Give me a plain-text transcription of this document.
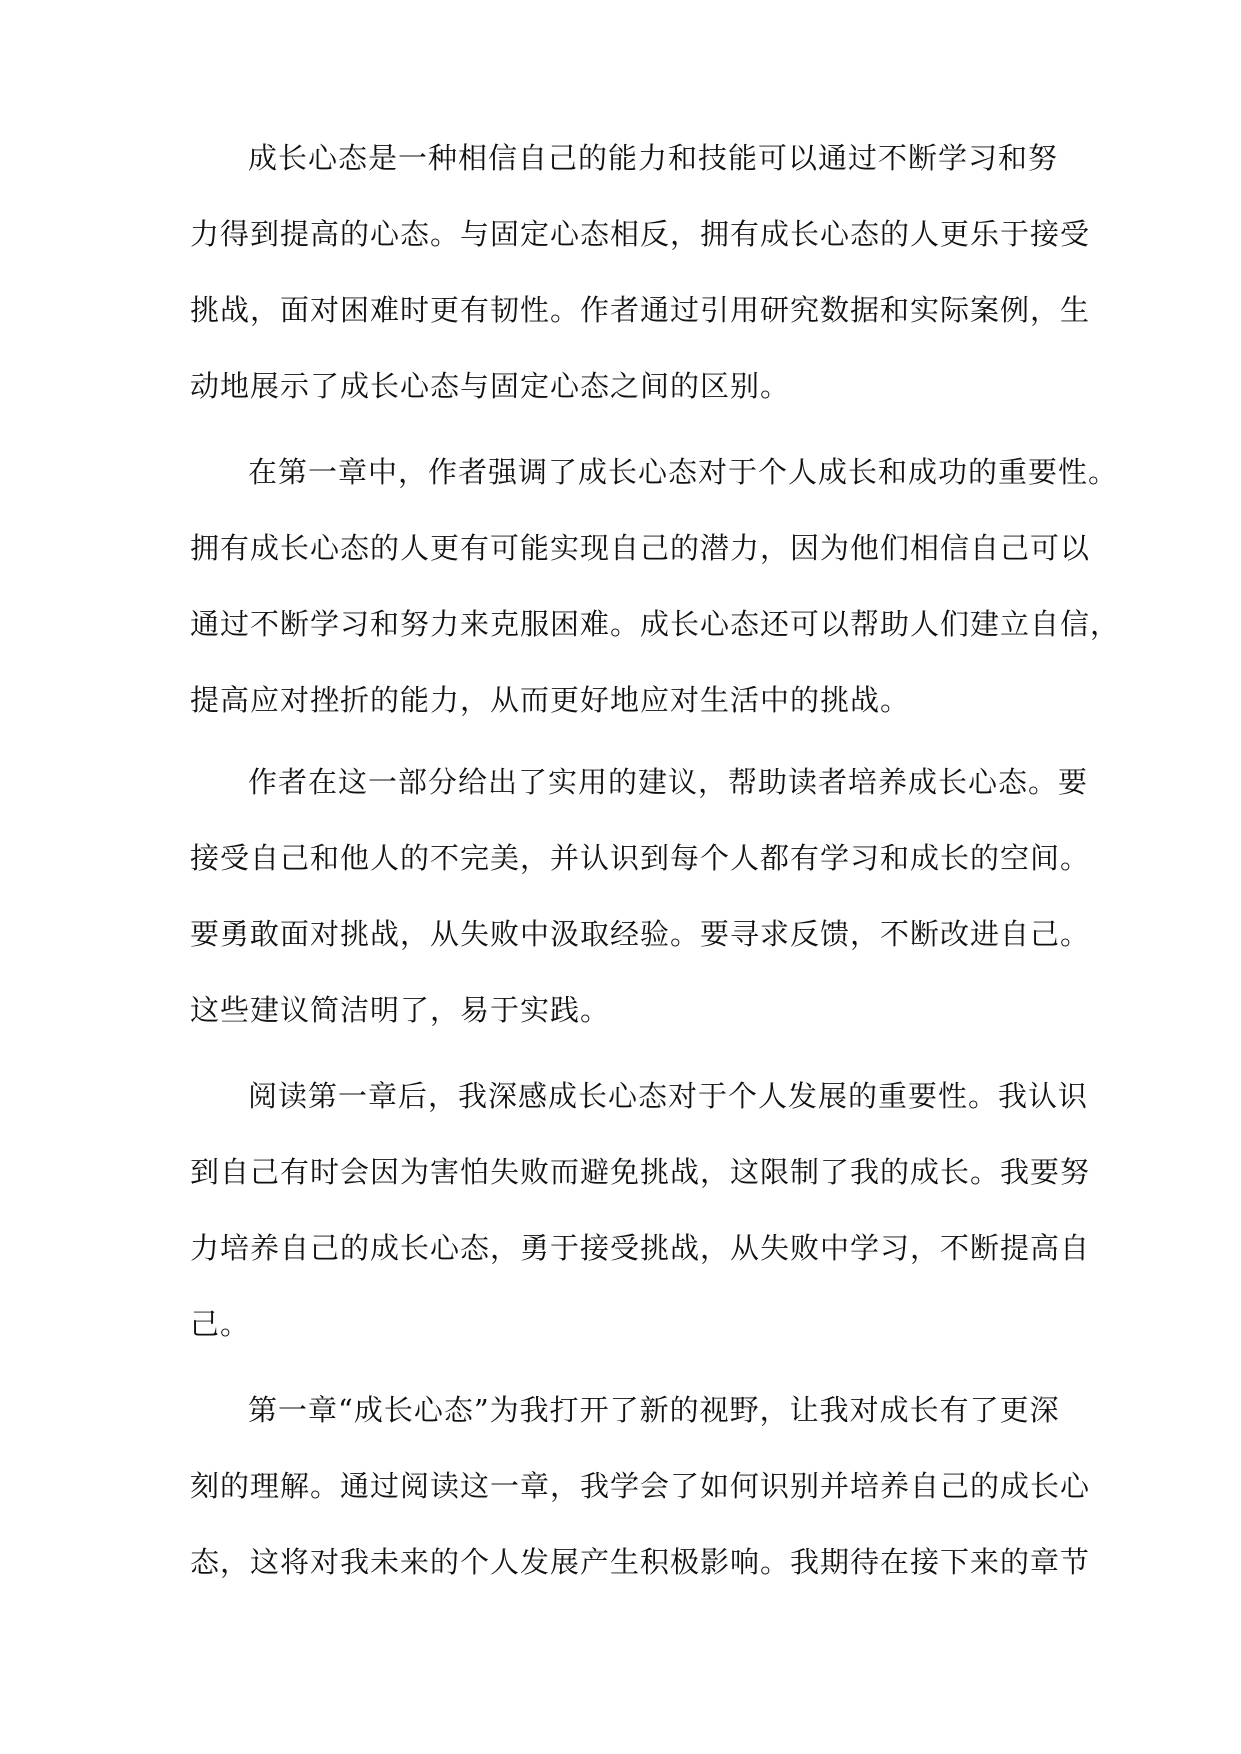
成长心态是一种相信自己的能力和技能可以通过不断学习和努
力得到提高的心态。与固定心态相反，拥有成长心态的人更乐于接受
挑战，面对困难时更有韧性。作者通过引用研究数据和实际案例，生
动地展示了成长心态与固定心态之间的区别。
在第一章中，作者强调了成长心态对于个人成长和成功的重要性。
拥有成长心态的人更有可能实现自己的潜力，因为他们相信自己可以
通过不断学习和努力来克服困难。成长心态还可以帮助人们建立自信，
提高应对挫折的能力，从而更好地应对生活中的挑战。
作者在这一部分给出了实用的建议，帮助读者培养成长心态。要
接受自己和他人的不完美，并认识到每个人都有学习和成长的空间。
要勇敢面对挑战，从失败中汲取经验。要寻求反馈，不断改进自己。
这些建议简洁明了，易于实践。
阅读第一章后，我深感成长心态对于个人发展的重要性。我认识
到自己有时会因为害怕失败而避免挑战，这限制了我的成长。我要努
力培养自己的成长心态，勇于接受挑战，从失败中学习，不断提高自
己。
第一章“成长心态”为我打开了新的视野，让我对成长有了更深
刻的理解。通过阅读这一章，我学会了如何识别并培养自己的成长心
态，这将对我未来的个人发展产生积极影响。我期待在接下来的章节
